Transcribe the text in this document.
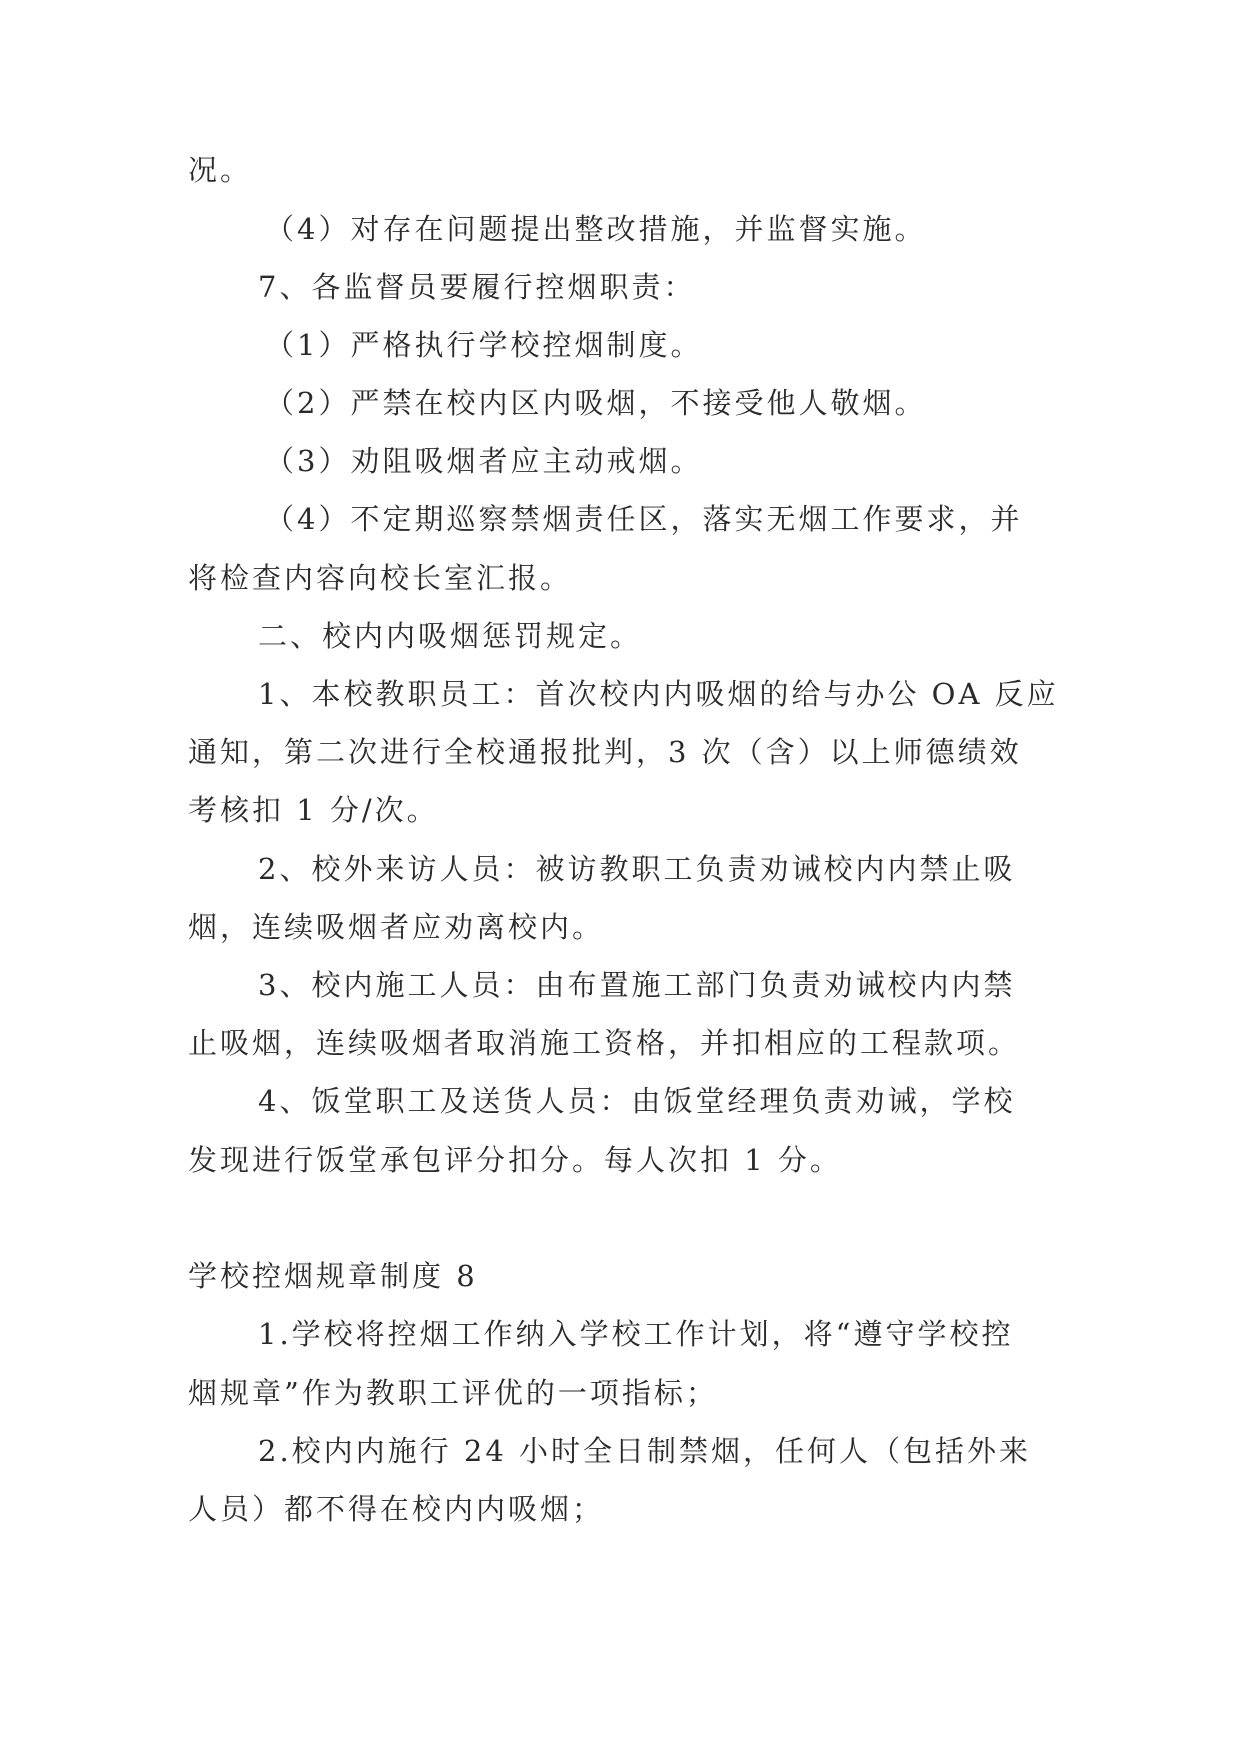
况。
（4）对存在问题提出整改措施，并监督实施。
7、各监督员要履行控烟职责：
（1）严格执行学校控烟制度。
（2）严禁在校内区内吸烟，不接受他人敬烟。
（3）劝阻吸烟者应主动戒烟。
（4）不定期巡察禁烟责任区，落实无烟工作要求，并
将检查内容向校长室汇报。
二、校内内吸烟惩罚规定。
1、本校教职员工：首次校内内吸烟的给与办公 OA 反应
通知，第二次进行全校通报批判，3 次（含）以上师德绩效
考核扣 1 分/次。
2、校外来访人员：被访教职工负责劝诫校内内禁止吸
烟，连续吸烟者应劝离校内。
3、校内施工人员：由布置施工部门负责劝诫校内内禁
止吸烟，连续吸烟者取消施工资格，并扣相应的工程款项。
4、饭堂职工及送货人员：由饭堂经理负责劝诫，学校
发现进行饭堂承包评分扣分。每人次扣 1 分。
学校控烟规章制度 8
1.学校将控烟工作纳入学校工作计划，将“遵守学校控
烟规章”作为教职工评优的一项指标；
2.校内内施行 24 小时全日制禁烟，任何人（包括外来
人员）都不得在校内内吸烟；
